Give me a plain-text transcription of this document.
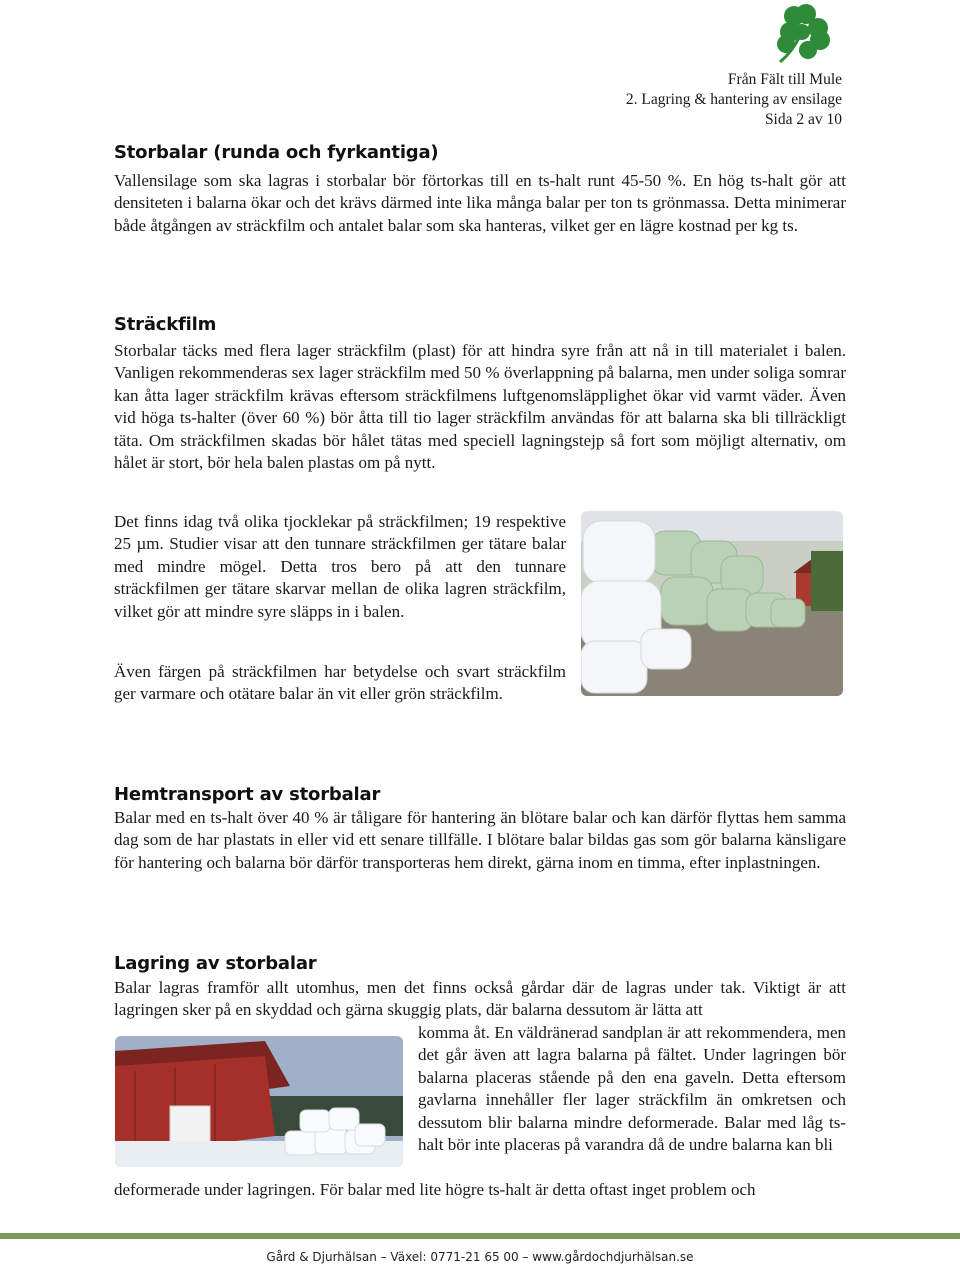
Från Fält till Mule
2. Lagring & hantering av ensilage
Sida 2 av 10
Storbalar (runda och fyrkantiga)

Vallensilage som ska lagras i storbalar bör förtorkas till en ts-halt runt 45-50 %. En hög ts-halt gör att densiteten i balarna ökar och det krävs därmed inte lika många balar per ton ts grönmassa. Detta minimerar både åtgången av sträckfilm och antalet balar som ska hanteras, vilket ger en lägre kostnad per kg ts.

Sträckfilm

Storbalar täcks med flera lager sträckfilm (plast) för att hindra syre från att nå in till materialet i balen. Vanligen rekommenderas sex lager sträckfilm med 50 % överlappning på balarna, men under soliga somrar kan åtta lager sträckfilm krävas eftersom sträckfilmens luftgenomsläpplighet ökar vid varmt väder. Även vid höga ts-halter (över 60 %) bör åtta till tio lager sträckfilm användas för att balarna ska bli tillräckligt täta. Om sträckfilmen skadas bör hålet tätas med speciell lagningstejp så fort som möjligt alternativ, om hålet är stort, bör hela balen plastas om på nytt.

Det finns idag två olika tjocklekar på sträckfilmen; 19 respektive 25 µm. Studier visar att den tunnare sträckfilmen ger tätare balar med mindre mögel. Detta tros bero på att den tunnare sträckfilmen ger tätare skarvar mellan de olika lagren sträckfilm, vilket gör att mindre syre släpps in i balen.

Även färgen på sträckfilmen har betydelse och svart sträckfilm ger varmare och otätare balar än vit eller grön sträckfilm.

Hemtransport av storbalar

Balar med en ts-halt över 40 % är tåligare för hantering än blötare balar och kan därför flyttas hem samma dag som de har plastats in eller vid ett senare tillfälle. I blötare balar bildas gas som gör balarna känsligare för hantering och balarna bör därför transporteras hem direkt, gärna inom en timma, efter inplastningen.

Lagring av storbalar

Balar lagras framför allt utomhus, men det finns också gårdar där de lagras under tak. Viktigt är att lagringen sker på en skyddad och gärna skuggig plats, där balarna dessutom är lätta att

komma åt. En väldränerad sandplan är att rekommendera, men det går även att lagra balarna på fältet. Under lagringen bör balarna placeras stående på den ena gaveln. Detta eftersom gavlarna innehåller fler lager sträckfilm än omkretsen och dessutom blir balarna mindre deformerade. Balar med låg ts-halt bör inte placeras på varandra då de undre balarna kan bli

deformerade under lagringen. För balar med lite högre ts-halt är detta oftast inget problem och

Gård & Djurhälsan – Växel: 0771-21 65 00 – www.gårdochdjurhälsan.se
